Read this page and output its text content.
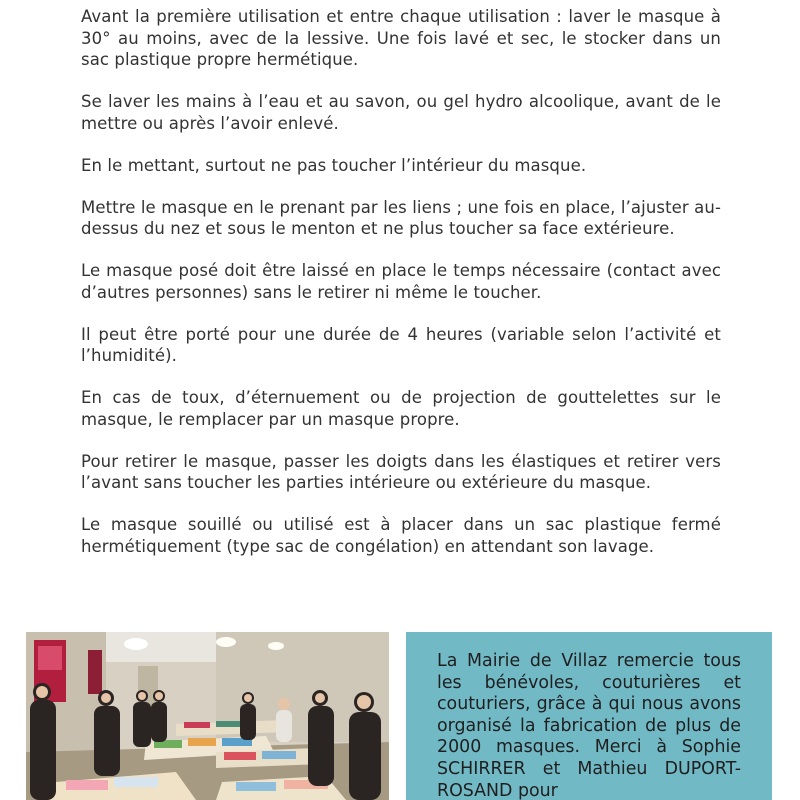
Avant la première utilisation et entre chaque utilisation : laver le masque à 30° au moins, avec de la lessive. Une fois lavé et sec, le stocker dans un sac plastique propre hermétique.

Se laver les mains à l’eau et au savon, ou gel hydro alcoolique, avant de le mettre ou après l’avoir enlevé.

En le mettant, surtout ne pas toucher l’intérieur du masque.

Mettre le masque en le prenant par les liens ; une fois en place, l’ajuster au-dessus du nez et sous le menton et ne plus toucher sa face extérieure.

Le masque posé doit être laissé en place le temps nécessaire (contact avec d’autres personnes) sans le retirer ni même le toucher.

Il peut être porté pour une durée de 4 heures (variable selon l’activité et l’humidité).

En cas de toux, d’éternuement ou de projection de gouttelettes sur le masque, le remplacer par un masque propre.

Pour retirer le masque, passer les doigts dans les élastiques et retirer vers l’avant sans toucher les parties intérieure ou extérieure du masque.

Le masque souillé ou utilisé est à placer dans un sac plastique fermé hermétiquement (type sac de congélation) en attendant son lavage.

La Mairie de Villaz remercie tous les bénévoles, couturières et couturiers, grâce à qui nous avons organisé la fabrication de plus de 2000 masques. Merci à Sophie SCHIRRER et Mathieu DUPORT-ROSAND pour
